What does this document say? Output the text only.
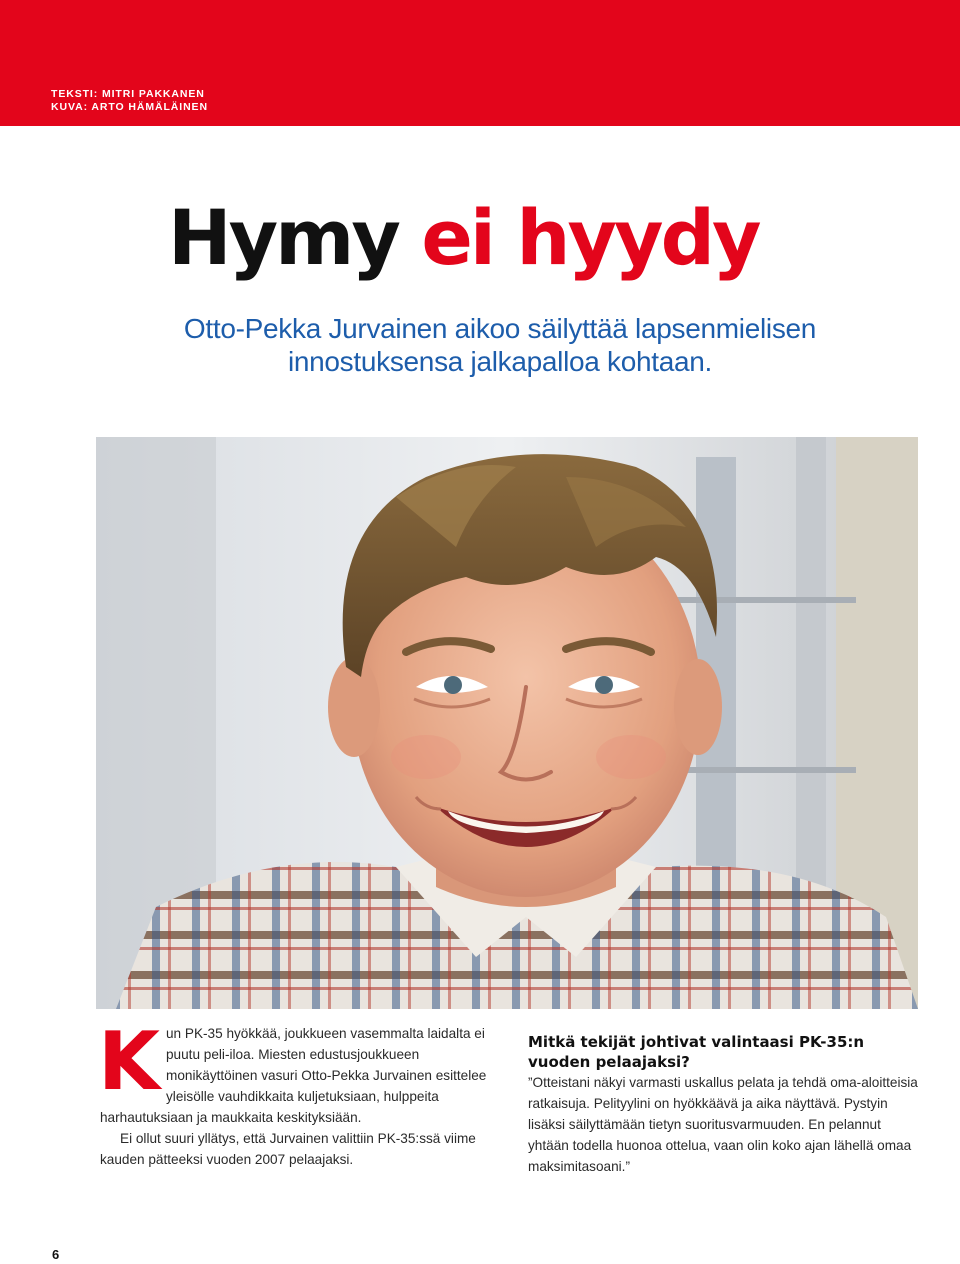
TEKSTI: MITRI PAKKANEN
KUVA: ARTO HÄMÄLÄINEN
Hymy ei hyydy

Otto-Pekka Jurvainen aikoo säilyttää lapsenmielisen
innostuksensa jalkapalloa kohtaan.

K un PK-35 hyökkää, joukkueen vasemmalta laidalta ei puutu peli-iloa. Miesten edustusjoukkueen monikäyttöinen vasuri Otto-Pekka Jurvainen esittelee yleisölle vauhdikkaita kuljetuksiaan, hulppeita harhautuksiaan ja maukkaita keskityksiään.

Ei ollut suuri yllätys, että Jurvainen valittiin PK-35:ssä viime kauden pätteeksi vuoden 2007 pelaajaksi.

Mitkä tekijät johtivat valintaasi PK-35:n vuoden pelaajaksi?

”Otteistani näkyi varmasti uskallus pelata ja tehdä oma-aloitteisia ratkaisuja. Pelityylini on hyökkäävä ja aika näyttävä. Pystyin lisäksi säilyttämään tietyn suoritusvarmuuden. En pelannut yhtään todella huonoa ottelua, vaan olin koko ajan lähellä omaa maksimitasoani.”

6
